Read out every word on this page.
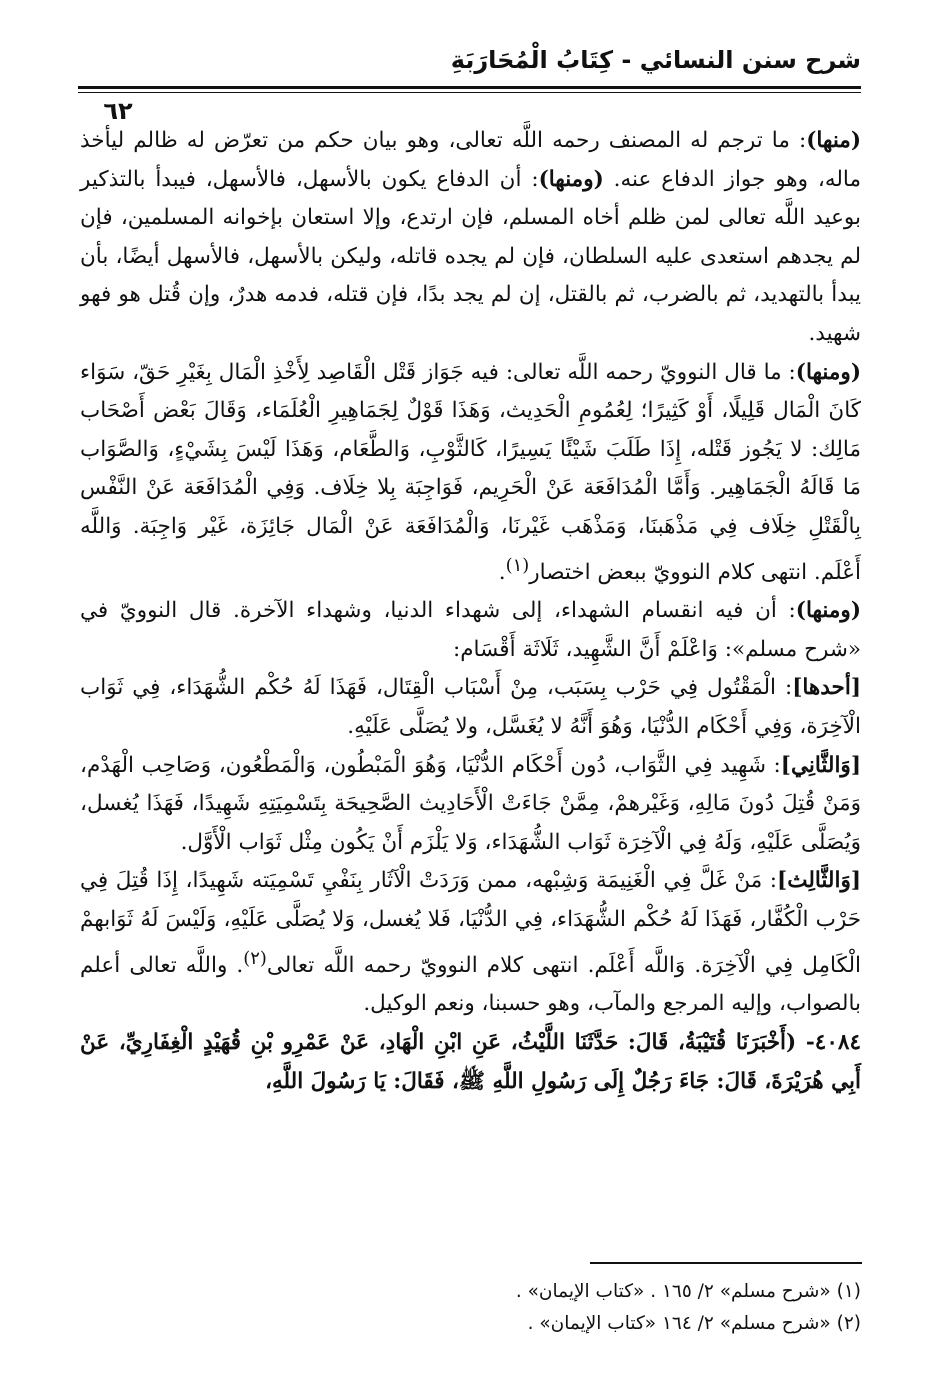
شرح سنن النسائي - كِتَابُ الْمُحَارَبَةِ
٦٢

(منها): ما ترجم له المصنف رحمه اللَّه تعالى، وهو بيان حكم من تعرّض له ظالم ليأخذ ماله، وهو جواز الدفاع عنه. (ومنها): أن الدفاع يكون بالأسهل، فالأسهل، فيبدأ بالتذكير بوعيد اللَّه تعالى لمن ظلم أخاه المسلم، فإن ارتدع، وإلا استعان بإخوانه المسلمين، فإن لم يجدهم استعدى عليه السلطان، فإن لم يجده قاتله، وليكن بالأسهل، فالأسهل أيضًا، بأن يبدأ بالتهديد، ثم بالضرب، ثم بالقتل، إن لم يجد بدًا، فإن قتله، فدمه هدرٌ، وإن قُتل هو فهو شهيد.

(ومنها): ما قال النوويّ رحمه اللَّه تعالى: فيه جَوَاز قَتْل الْقَاصِد لِأَخْذِ الْمَال بِغَيْرِ حَقّ، سَوَاء كَانَ الْمَال قَلِيلًا، أَوْ كَثِيرًا؛ لِعُمُومِ الْحَدِيث، وَهَذَا قَوْلٌ لِجَمَاهِيرِ الْعُلَمَاء، وَقَالَ بَعْض أَصْحَاب مَالِك: لا يَجُوز قَتْله، إِذَا طَلَبَ شَيْئًا يَسِيرًا، كَالثَّوْبِ، وَالطَّعَام، وَهَذَا لَيْسَ بِشَيْءٍ، وَالصَّوَاب مَا قَالَهُ الْجَمَاهِير. وَأَمَّا الْمُدَافَعَة عَنْ الْحَرِيم، فَوَاجِبَة بِلا خِلَاف. وَفِي الْمُدَافَعَة عَنْ النَّفْس بِالْقَتْلِ خِلَاف فِي مَذْهَبنَا، وَمَذْهَب غَيْرنَا، وَالْمُدَافَعَة عَنْ الْمَال جَائِزَة، غَيْر وَاجِبَة. وَاللَّه أَعْلَم. انتهى كلام النوويّ ببعض اختصار$^{(١)}$.

(ومنها): أن فيه انقسام الشهداء، إلى شهداء الدنيا، وشهداء الآخرة. قال النوويّ في «شرح مسلم»: وَاعْلَمْ أَنَّ الشَّهِيد، ثَلَاثَة أَقْسَام:

[أحدها]: الْمَقْتُول فِي حَرْب بِسَبَب، مِنْ أَسْبَاب الْقِتَال، فَهَذَا لَهُ حُكْم الشُّهَدَاء، فِي ثَوَاب الْآخِرَة، وَفِي أَحْكَام الدُّنْيَا، وَهُوَ أَنَّهُ لا يُغَسَّل، ولا يُصَلَّى عَلَيْهِ.

[وَالثَّانِي]: شَهِيد فِي الثَّوَاب، دُون أَحْكَام الدُّنْيَا، وَهُوَ الْمَبْطُون، وَالْمَطْعُون، وَصَاحِب الْهَدْم، وَمَنْ قُتِلَ دُونَ مَالِهِ، وَغَيْرهمْ، مِمَّنْ جَاءَتْ الْأَحَادِيث الصَّحِيحَة بِتَسْمِيَتِهِ شَهِيدًا، فَهَذَا يُغسل، وَيُصَلَّى عَلَيْهِ، وَلَهُ فِي الْآخِرَة ثَوَاب الشُّهَدَاء، وَلا يَلْزَم أَنْ يَكُون مِثْل ثَوَاب الْأَوَّل.

[وَالثَّالِث]: مَنْ غَلَّ فِي الْغَنِيمَة وَشِبْهه، ممن وَرَدَتْ الْآثَار بِنَفْيِ تَسْمِيَته شَهِيدًا، إِذَا قُتِلَ فِي حَرْب الْكُفَّار، فَهَذَا لَهُ حُكْم الشُّهَدَاء، فِي الدُّنْيَا، فَلا يُغسل، وَلا يُصَلَّى عَلَيْهِ، وَلَيْسَ لَهُ ثَوَابهمْ الْكَامِل فِي الْآخِرَة. وَاللَّه أَعْلَم. انتهى كلام النوويّ رحمه اللَّه تعالى$^{(٢)}$. واللَّه تعالى أعلم بالصواب، وإليه المرجع والمآب، وهو حسبنا، ونعم الوكيل.

٤٠٨٤- (أَخْبَرَنَا قُتَيْبَةُ، قَالَ: حَدَّثَنَا اللَّيْثُ، عَنِ ابْنِ الْهَادِ، عَنْ عَمْرِو بْنِ قُهَيْدٍ الْغِفَارِيِّ، عَنْ أَبِي هُرَيْرَةَ، قَالَ: جَاءَ رَجُلٌ إِلَى رَسُولِ اللَّهِ ﷺ، فَقَالَ: يَا رَسُولَ اللَّهِ،

(١) «شرح مسلم» ٢/ ١٦٥ . «كتاب الإيمان» .

(٢) «شرح مسلم» ٢/ ١٦٤ «كتاب الإيمان» .
